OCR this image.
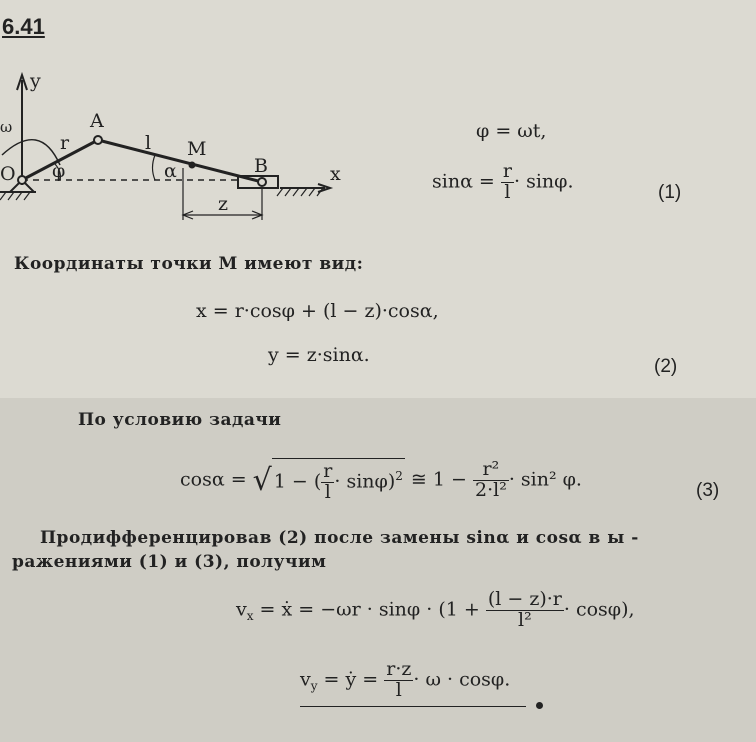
6.41
y
ω
O
A
r	l M
B	x
φ	α
z
φ = ωt,
$\sin\alpha = \frac{r}{l} \cdot \sin\varphi$.
(1)
Координаты точки M имеют вид:
x = r·cosφ + (l − z)·cosα,
y = z·sinα.
(2)
По условию задачи
cosα = √ 1 − ( $\frac{r}{l} \cdot \sin\varphi)^2$ ≅ $1 - \frac{\text{r²}}{\text{2·l²}} \cdot \sin^2$ φ.
(3)
Продифференцировав (2) после замены sinα и cosα в ы -
ражениями (1) и (3), получим
$v_x$ = ẋ = $-\omega r \cdot \sin\varphi \cdot (1 + \frac{(l - z)\cdot r}{\text{l²}} \cdot \cos\varphi)$,
$v_y$ = ẏ = $\frac{r\cdot z}{l} \cdot \omega \cdot \cos\varphi$.
